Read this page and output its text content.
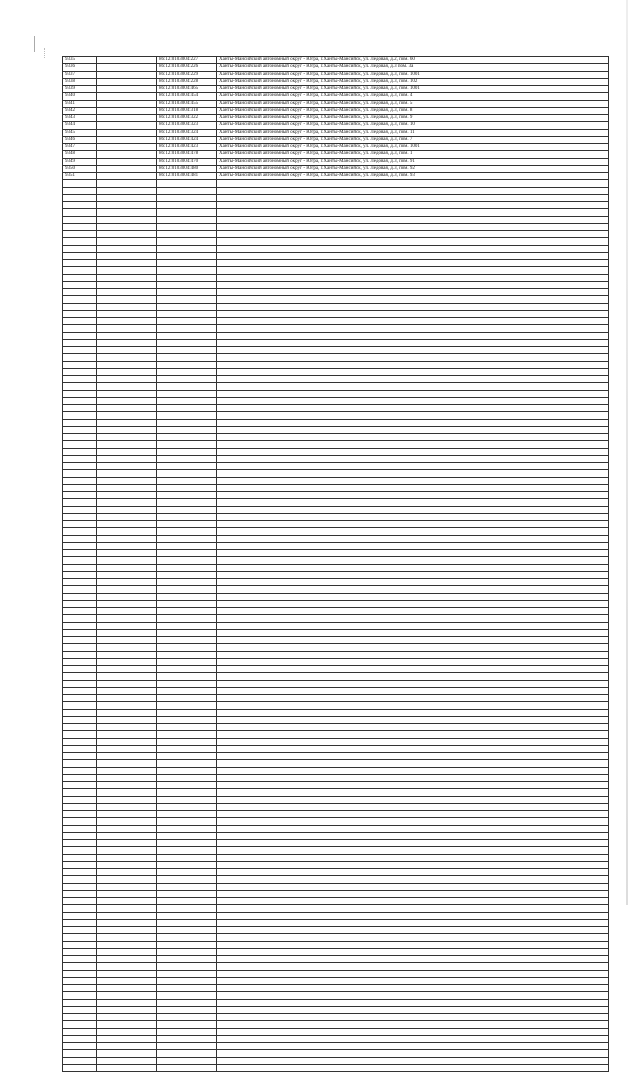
9335		86:12:0103004:227	Ханты-Мансийский автономный округ - Югра, г.Ханты-Мансийск, ул. Ледовая, д.2, пом. 60
9336		86:12:0103004:226	Ханты-Мансийский автономный округ - Югра, г.Ханты-Мансийск, ул. Ледовая, д.3 пом. 3а
9337		86:12:0103004:229	Ханты-Мансийский автономный округ - Югра, г.Ханты-Мансийск, ул. Ледовая, д.3, пом. 1001
9338		86:12:0103004:228	Ханты-Мансийский автономный округ - Югра, г.Ханты-Мансийск, ул. Ледовая, д.3, пом. 102
9339		86:12:0103004:465	Ханты-Мансийский автономный округ - Югра, г.Ханты-Мансийск, ул. Ледовая, д.3, пом. 1001
9340		86:12:0103004:454	Ханты-Мансийский автономный округ - Югра, г.Ханты-Мансийск, ул. Ледовая, д.3, пом. 4
9341		86:12:0103004:455	Ханты-Мансийский автономный округ - Югра, г.Ханты-Мансийск, ул. Ледовая, д.3, пом. 5
9342		86:12:0103004:318	Ханты-Мансийский автономный округ - Югра, г.Ханты-Мансийск, ул. Ледовая, д.3, пом. 8
9343		86:12:0103004:322	Ханты-Мансийский автономный округ - Югра, г.Ханты-Мансийск, ул. Ледовая, д.3, пом. 9
9344		86:12:0103004:323	Ханты-Мансийский автономный округ - Югра, г.Ханты-Мансийск, ул. Ледовая, д.3, пом. 10
9345		86:12:0103004:324	Ханты-Мансийский автономный округ - Югра, г.Ханты-Мансийск, ул. Ледовая, д.3, пом. 11
9346		86:12:0103004:424	Ханты-Мансийский автономный округ - Югра, г.Ханты-Мансийск, ул. Ледовая, д.3, пом. 7
9347		86:12:0103004:423	Ханты-Мансийский автономный округ - Югра, г.Ханты-Мансийск, ул. Ледовая, д.3, пом. 1001
9348		86:12:0103004:478	Ханты-Мансийский автономный округ - Югра, г.Ханты-Мансийск, ул. Ледовая, д.3, пом. 1
9349		86:12:0103004:470	Ханты-Мансийский автономный округ - Югра, г.Ханты-Мансийск, ул. Ледовая, д.3, пом. 91
9350		86:12:0103004:480	Ханты-Мансийский автономный округ - Югра, г.Ханты-Мансийск, ул. Ледовая, д.3, пом. 92
9351		86:12:0103004:481	Ханты-Мансийский автономный округ - Югра, г.Ханты-Мансийск, ул. Ледовая, д.3, пом. 93
